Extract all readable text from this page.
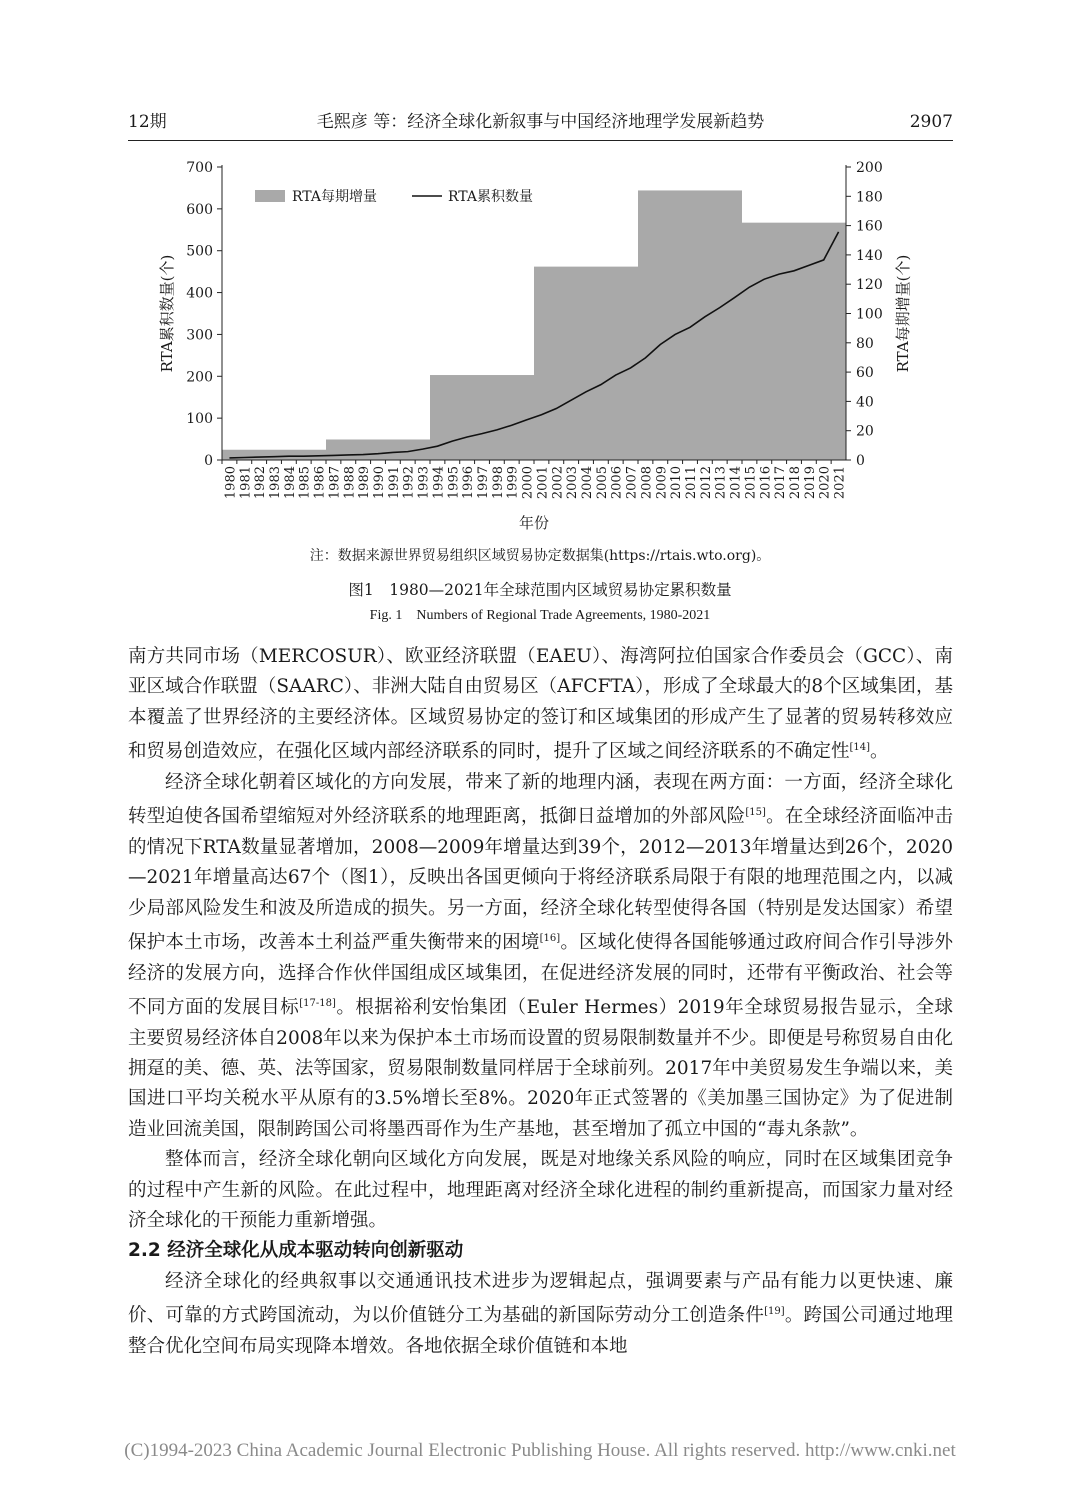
12期	毛熙彦 等：经济全球化新叙事与中国经济地理学发展新趋势	2907
0
100
200
300
400
500
600
700
0
20
40
60
80
100
120
140
160
180
200
1980 1981 1982 1983 1984 1985 1986 1987 1988 1989 1990 1991 1992 1993 1994 1995 1996 1997 1998 1999 2000 2001 2002 2003 2004 2005 2006 2007 2008 2009 2010 2011 2012 2013 2014 2015 2016 2017 2018 2019 2020 2021
年份
RTA累积数量(个)	RTA每期增量(个)
RTA每期增量	RTA累积数量
注：数据来源世界贸易组织区域贸易协定数据集(https://rtais.wto.org)。
图1　1980—2021年全球范围内区域贸易协定累积数量
Fig. 1　Numbers of Regional Trade Agreements, 1980-2021

南方共同市场（MERCOSUR）、欧亚经济联盟（EAEU）、海湾阿拉伯国家合作委员会（GCC）、南亚区域合作联盟（SAARC）、非洲大陆自由贸易区（AFCFTA），形成了全球最大的8个区域集团，基本覆盖了世界经济的主要经济体。区域贸易协定的签订和区域集团的形成产生了显著的贸易转移效应和贸易创造效应，在强化区域内部经济联系的同时，提升了区域之间经济联系的不确定性[14]。

经济全球化朝着区域化的方向发展，带来了新的地理内涵，表现在两方面：一方面，经济全球化转型迫使各国希望缩短对外经济联系的地理距离，抵御日益增加的外部风险[15]。在全球经济面临冲击的情况下RTA数量显著增加，2008—2009年增量达到39个，2012—2013年增量达到26个，2020—2021年增量高达67个（图1），反映出各国更倾向于将经济联系局限于有限的地理范围之内，以减少局部风险发生和波及所造成的损失。另一方面，经济全球化转型使得各国（特别是发达国家）希望保护本土市场，改善本土利益严重失衡带来的困境[16]。区域化使得各国能够通过政府间合作引导涉外经济的发展方向，选择合作伙伴国组成区域集团，在促进经济发展的同时，还带有平衡政治、社会等不同方面的发展目标[17-18]。根据裕利安怡集团（Euler Hermes）2019年全球贸易报告显示，全球主要贸易经济体自2008年以来为保护本土市场而设置的贸易限制数量并不少。即便是号称贸易自由化拥趸的美、德、英、法等国家，贸易限制数量同样居于全球前列。2017年中美贸易发生争端以来，美国进口平均关税水平从原有的3.5%增长至8%。2020年正式签署的《美加墨三国协定》为了促进制造业回流美国，限制跨国公司将墨西哥作为生产基地，甚至增加了孤立中国的“毒丸条款”。

整体而言，经济全球化朝向区域化方向发展，既是对地缘关系风险的响应，同时在区域集团竞争的过程中产生新的风险。在此过程中，地理距离对经济全球化进程的制约重新提高，而国家力量对经济全球化的干预能力重新增强。

2.2 经济全球化从成本驱动转向创新驱动

经济全球化的经典叙事以交通通讯技术进步为逻辑起点，强调要素与产品有能力以更快速、廉价、可靠的方式跨国流动，为以价值链分工为基础的新国际劳动分工创造条件[19]。跨国公司通过地理整合优化空间布局实现降本增效。各地依据全球价值链和本地

(C)1994-2023 China Academic Journal Electronic Publishing House. All rights reserved. http://www.cnki.net
